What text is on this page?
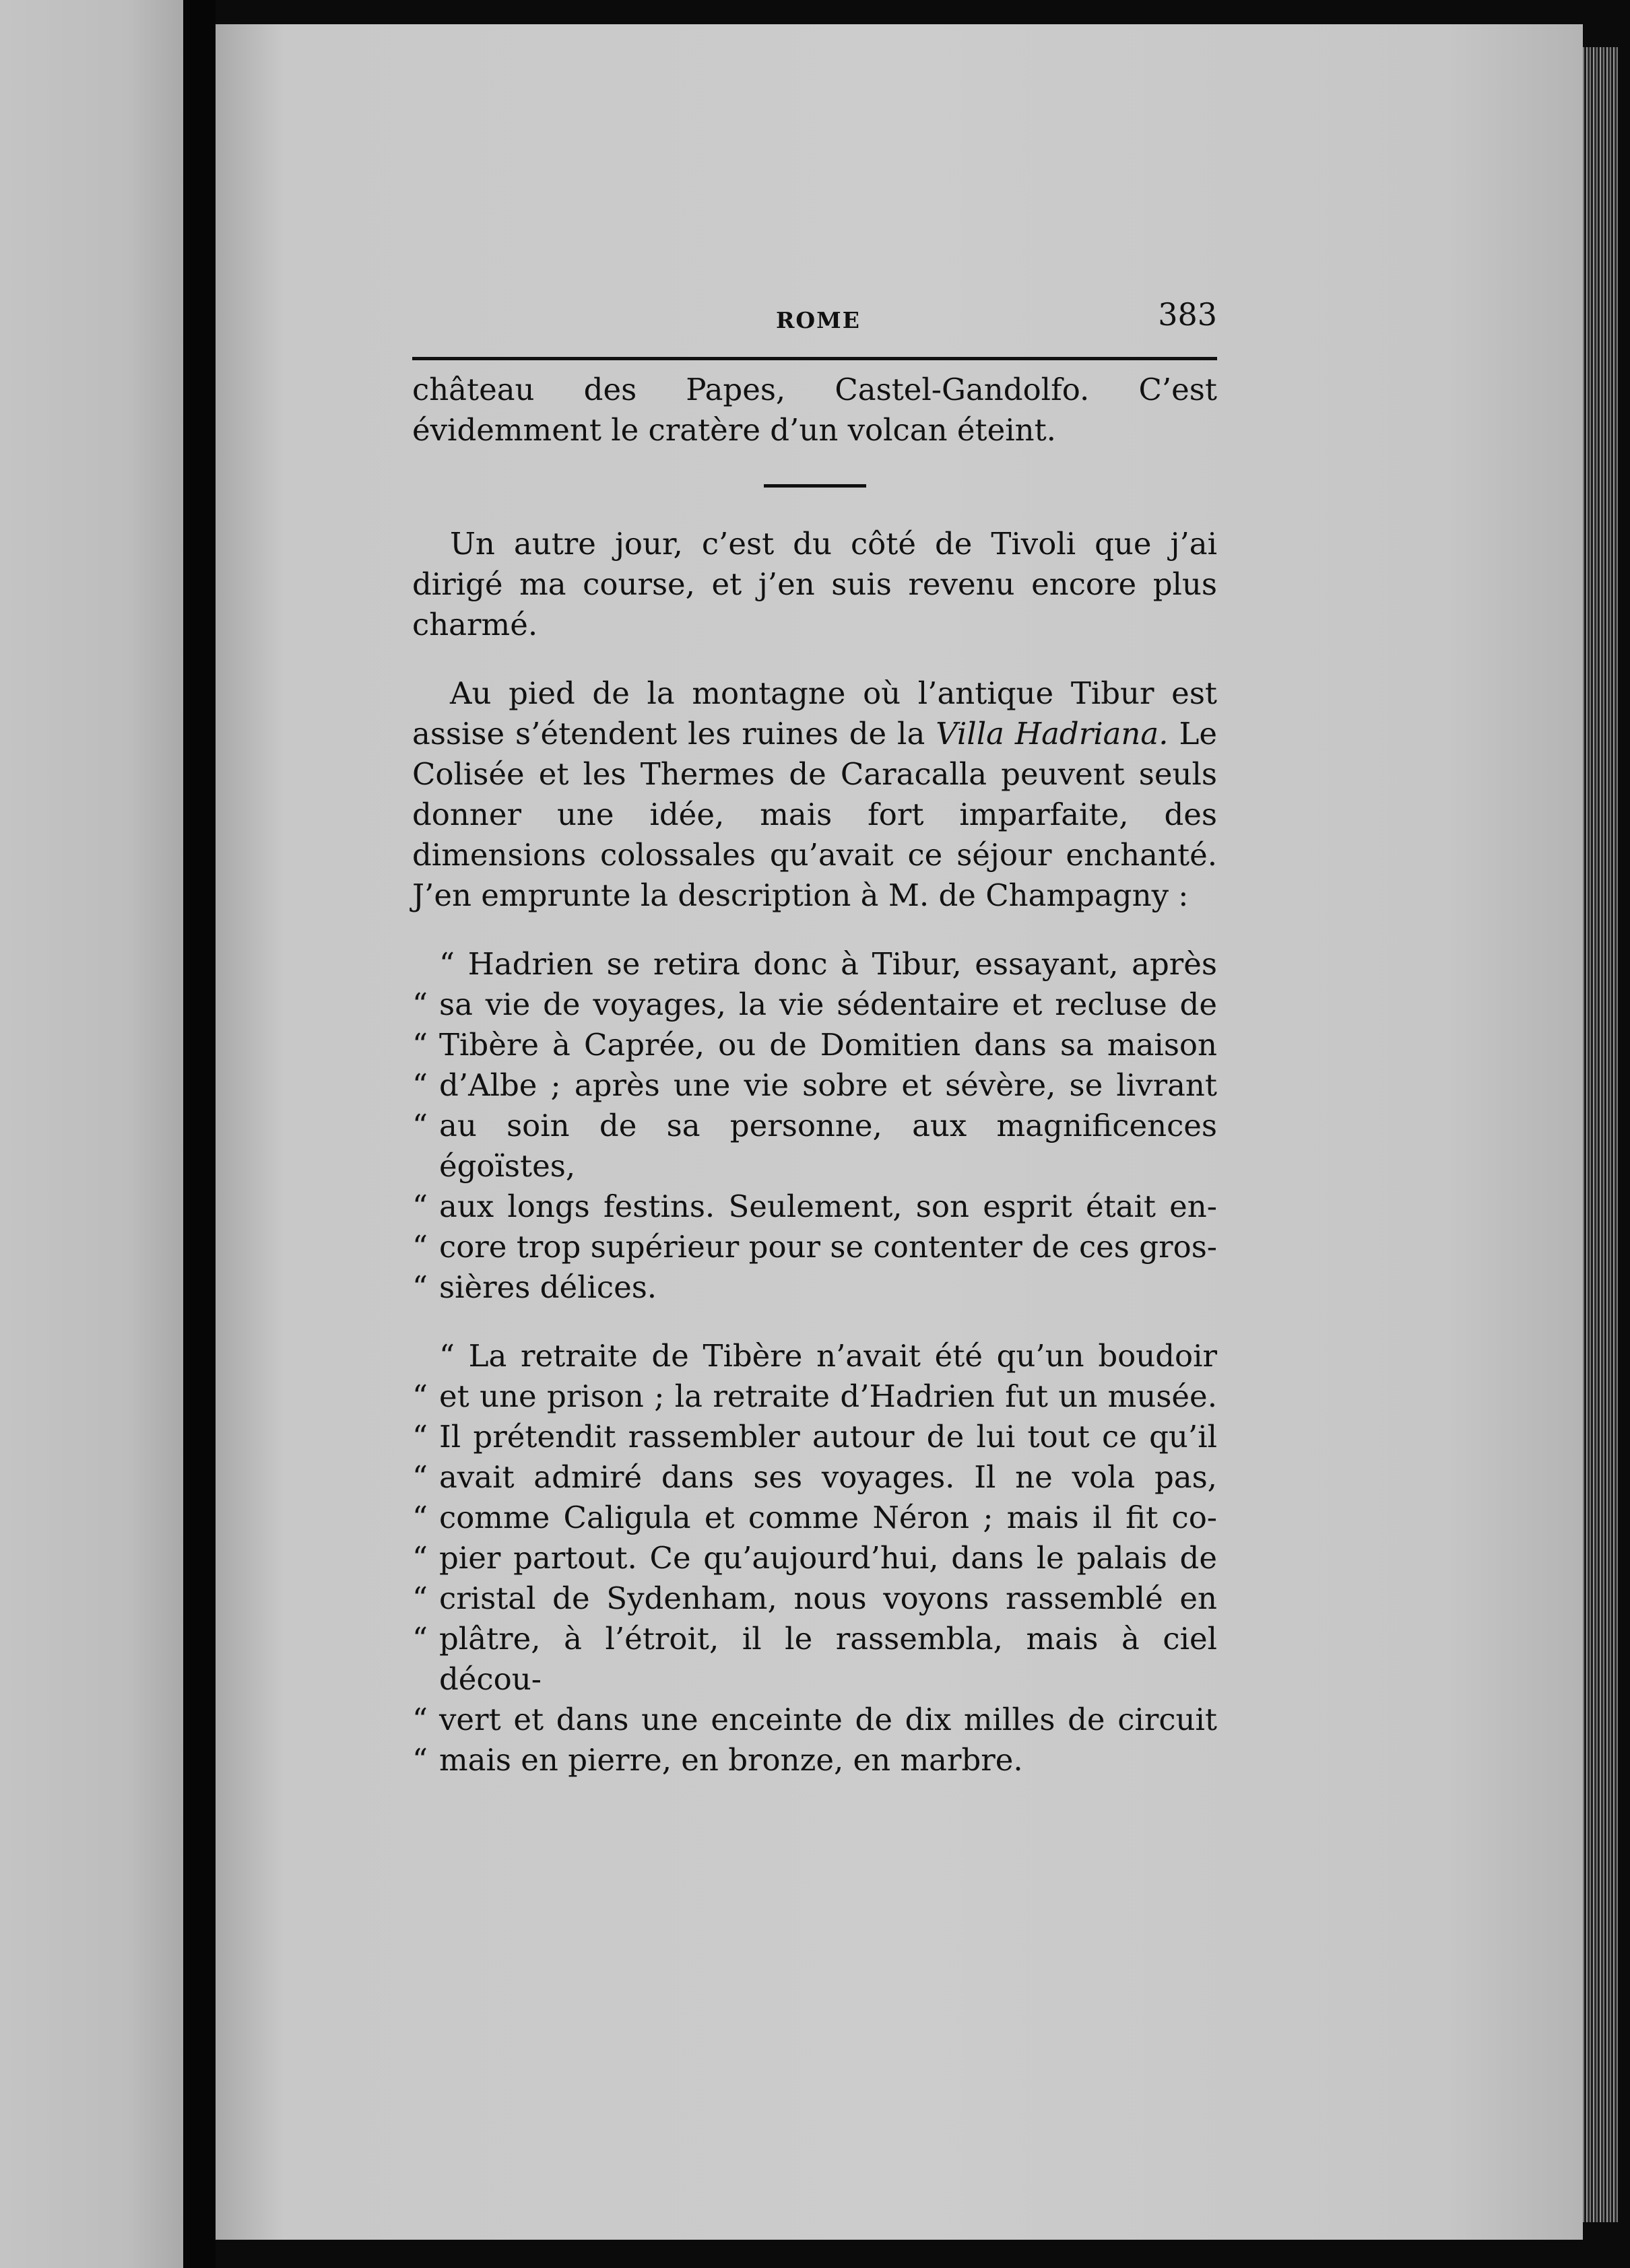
ROME	383

château des Papes, Castel-Gandolfo. C’est évidemment le cratère d’un volcan éteint.

Un autre jour, c’est du côté de Tivoli que j’ai dirigé ma course, et j’en suis revenu encore plus charmé.

Au pied de la montagne où l’antique Tibur est assise s’étendent les ruines de la Villa Hadriana. Le Colisée et les Thermes de Caracalla peuvent seuls donner une idée, mais fort imparfaite, des dimensions colossales qu’avait ce séjour enchanté. J’en emprunte la description à M. de Champagny :

“ Hadrien se retira donc à Tibur, essayant, après
“ sa vie de voyages, la vie sédentaire et recluse de
“ Tibère à Caprée, ou de Domitien dans sa maison
“ d’Albe ; après une vie sobre et sévère, se livrant
“ au soin de sa personne, aux magnificences égoïstes,
“ aux longs festins. Seulement, son esprit était en-
“ core trop supérieur pour se contenter de ces gros-
“ sières délices.
“ La retraite de Tibère n’avait été qu’un boudoir
“ et une prison ; la retraite d’Hadrien fut un musée.
“ Il prétendit rassembler autour de lui tout ce qu’il
“ avait admiré dans ses voyages. Il ne vola pas,
“ comme Caligula et comme Néron ; mais il fit co-
“ pier partout. Ce qu’aujourd’hui, dans le palais de
“ cristal de Sydenham, nous voyons rassemblé en
“ plâtre, à l’étroit, il le rassembla, mais à ciel décou-
“ vert et dans une enceinte de dix milles de circuit
“ mais en pierre, en bronze, en marbre.
